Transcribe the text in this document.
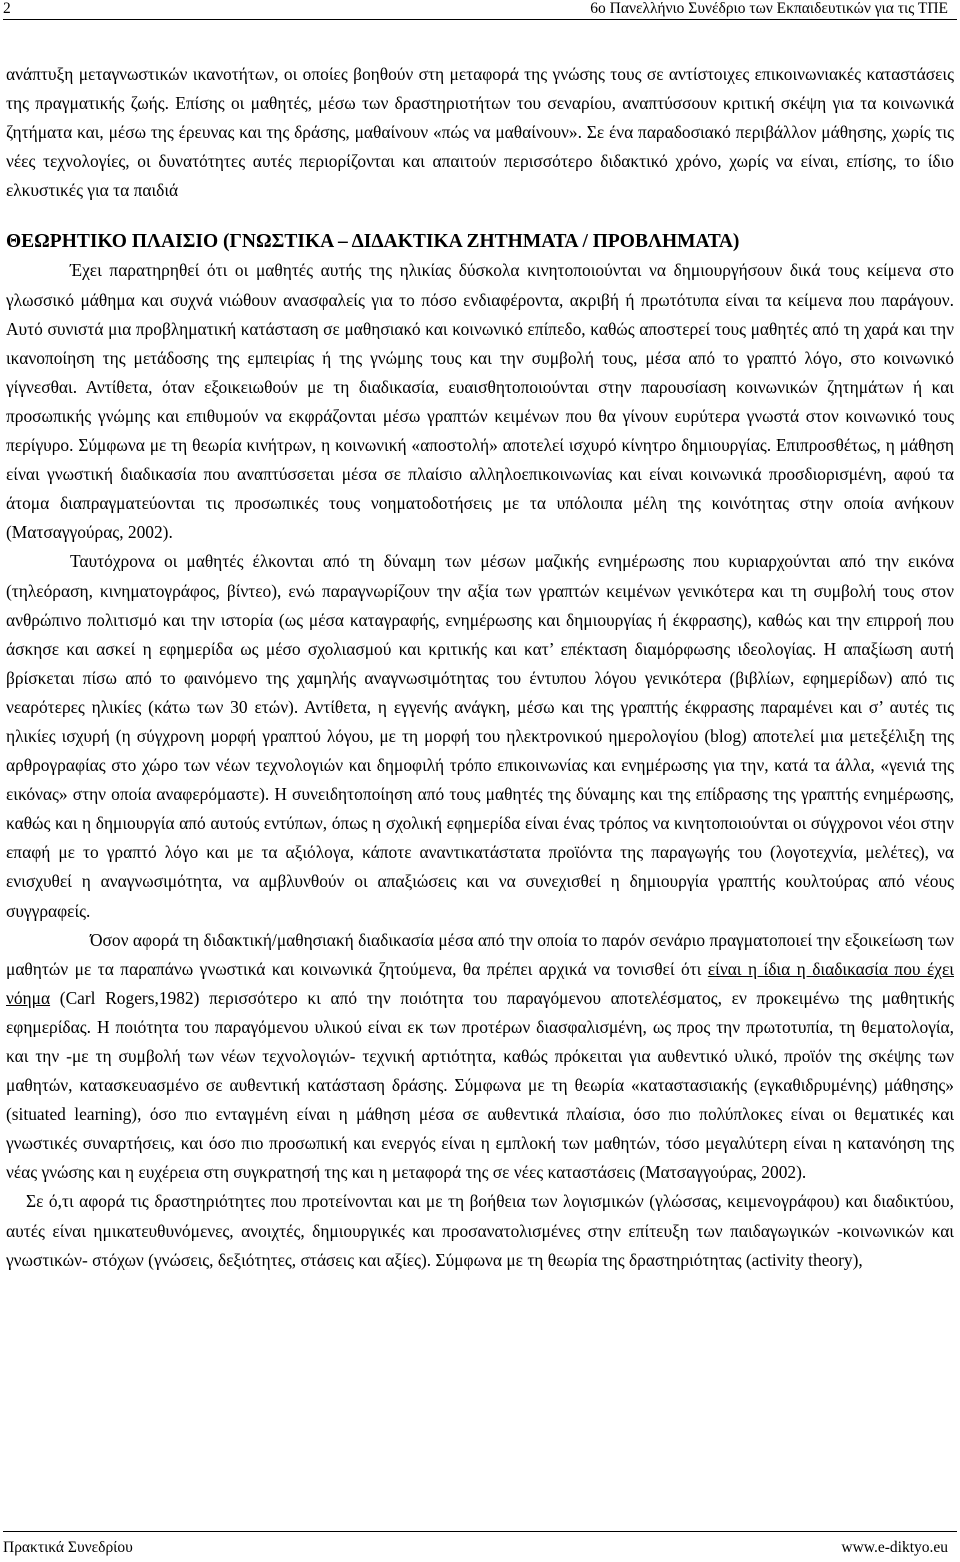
2	6ο Πανελλήνιο Συνέδριο των Εκπαιδευτικών για τις ΤΠΕ

ανάπτυξη μεταγνωστικών ικανοτήτων, οι οποίες βοηθούν στη μεταφορά της γνώσης τους σε αντίστοιχες επικοινωνιακές καταστάσεις της πραγματικής ζωής. Επίσης οι μαθητές, μέσω των δραστηριοτήτων του σεναρίου, αναπτύσσουν κριτική σκέψη για τα κοινωνικά ζητήματα και, μέσω της έρευνας και της δράσης, μαθαίνουν «πώς να μαθαίνουν». Σε ένα παραδοσιακό περιβάλλον μάθησης, χωρίς τις νέες τεχνολογίες, οι δυνατότητες αυτές περιορίζονται και απαιτούν περισσότερο διδακτικό χρόνο, χωρίς να είναι, επίσης, το ίδιο ελκυστικές για τα παιδιά

ΘΕΩΡΗΤΙΚΟ ΠΛΑΙΣΙΟ (ΓΝΩΣΤΙΚΑ – ΔΙΔΑΚΤΙΚΑ ΖΗΤΗΜΑΤΑ / ΠΡΟΒΛΗΜΑΤΑ)

Έχει παρατηρηθεί ότι οι μαθητές αυτής της ηλικίας δύσκολα κινητοποιούνται να δημιουργήσουν δικά τους κείμενα στο γλωσσικό μάθημα και συχνά νιώθουν ανασφαλείς για το πόσο ενδιαφέροντα, ακριβή ή πρωτότυπα είναι τα κείμενα που παράγουν. Αυτό συνιστά μια προβληματική κατάσταση σε μαθησιακό και κοινωνικό επίπεδο, καθώς αποστερεί τους μαθητές από τη χαρά και την ικανοποίηση της μετάδοσης της εμπειρίας ή της γνώμης τους και την συμβολή τους, μέσα από το γραπτό λόγο, στο κοινωνικό γίγνεσθαι. Αντίθετα, όταν εξοικειωθούν με τη διαδικασία, ευαισθητοποιούνται στην παρουσίαση κοινωνικών ζητημάτων ή και προσωπικής γνώμης και επιθυμούν να εκφράζονται μέσω γραπτών κειμένων που θα γίνουν ευρύτερα γνωστά στον κοινωνικό τους περίγυρο. Σύμφωνα με τη θεωρία κινήτρων, η κοινωνική «αποστολή» αποτελεί ισχυρό κίνητρο δημιουργίας. Επιπροσθέτως, η μάθηση είναι γνωστική διαδικασία που αναπτύσσεται μέσα σε πλαίσιο αλληλοεπικοινωνίας και είναι κοινωνικά προσδιορισμένη, αφού τα άτομα διαπραγματεύονται τις προσωπικές τους νοηματοδοτήσεις με τα υπόλοιπα μέλη της κοινότητας στην οποία ανήκουν (Ματσαγγούρας, 2002).

Ταυτόχρονα οι μαθητές έλκονται από τη δύναμη των μέσων μαζικής ενημέρωσης που κυριαρχούνται από την εικόνα (τηλεόραση, κινηματογράφος, βίντεο), ενώ παραγνωρίζουν την αξία των γραπτών κειμένων γενικότερα και τη συμβολή τους στον ανθρώπινο πολιτισμό και την ιστορία (ως μέσα καταγραφής, ενημέρωσης και δημιουργίας ή έκφρασης), καθώς και την επιρροή που άσκησε και ασκεί η εφημερίδα ως μέσο σχολιασμού και κριτικής και κατ’ επέκταση διαμόρφωσης ιδεολογίας. Η απαξίωση αυτή βρίσκεται πίσω από το φαινόμενο της χαμηλής αναγνωσιμότητας του έντυπου λόγου γενικότερα (βιβλίων, εφημερίδων) από τις νεαρότερες ηλικίες (κάτω των 30 ετών). Αντίθετα, η εγγενής ανάγκη, μέσω και της γραπτής έκφρασης παραμένει και σ’ αυτές τις ηλικίες ισχυρή (η σύγχρονη μορφή γραπτού λόγου, με τη μορφή του ηλεκτρονικού ημερολογίου (blog) αποτελεί μια μετεξέλιξη της αρθρογραφίας στο χώρο των νέων τεχνολογιών και δημοφιλή τρόπο επικοινωνίας και ενημέρωσης για την, κατά τα άλλα, «γενιά της εικόνας» στην οποία αναφερόμαστε). Η συνειδητοποίηση από τους μαθητές της δύναμης και της επίδρασης της γραπτής ενημέρωσης, καθώς και η δημιουργία από αυτούς εντύπων, όπως η σχολική εφημερίδα είναι ένας τρόπος να κινητοποιούνται οι σύγχρονοι νέοι στην επαφή με το γραπτό λόγο και με τα αξιόλογα, κάποτε αναντικατάστατα προϊόντα της παραγωγής του (λογοτεχνία, μελέτες), να ενισχυθεί η αναγνωσιμότητα, να αμβλυνθούν οι απαξιώσεις και να συνεχισθεί η δημιουργία γραπτής κουλτούρας από νέους συγγραφείς.

Όσον αφορά τη διδακτική/μαθησιακή διαδικασία μέσα από την οποία το παρόν σενάριο πραγματοποιεί την εξοικείωση των μαθητών με τα παραπάνω γνωστικά και κοινωνικά ζητούμενα, θα πρέπει αρχικά να τονισθεί ότι είναι η ίδια η διαδικασία που έχει νόημα (Carl Rogers,1982) περισσότερο κι από την ποιότητα του παραγόμενου αποτελέσματος, εν προκειμένω της μαθητικής εφημερίδας. Η ποιότητα του παραγόμενου υλικού είναι εκ των προτέρων διασφαλισμένη, ως προς την πρωτοτυπία, τη θεματολογία, και την -με τη συμβολή των νέων τεχνολογιών- τεχνική αρτιότητα, καθώς πρόκειται για αυθεντικό υλικό, προϊόν της σκέψης των μαθητών, κατασκευασμένο σε αυθεντική κατάσταση δράσης. Σύμφωνα με τη θεωρία «καταστασιακής (εγκαθιδρυμένης) μάθησης» (situated learning), όσο πιο ενταγμένη είναι η μάθηση μέσα σε αυθεντικά πλαίσια, όσο πιο πολύπλοκες είναι οι θεματικές και γνωστικές συναρτήσεις, και όσο πιο προσωπική και ενεργός είναι η εμπλοκή των μαθητών, τόσο μεγαλύτερη είναι η κατανόηση της νέας γνώσης και η ευχέρεια στη συγκρατησή της και η μεταφορά της σε νέες καταστάσεις (Ματσαγγούρας, 2002).

Σε ό,τι αφορά τις δραστηριότητες που προτείνονται και με τη βοήθεια των λογισμικών (γλώσσας, κειμενογράφου) και διαδικτύου, αυτές είναι ημικατευθυνόμενες, ανοιχτές, δημιουργικές και προσανατολισμένες στην επίτευξη των παιδαγωγικών -κοινωνικών και γνωστικών- στόχων (γνώσεις, δεξιότητες, στάσεις και αξίες). Σύμφωνα με τη θεωρία της δραστηριότητας (activity theory),

Πρακτικά Συνεδρίου	www.e-diktyo.eu
